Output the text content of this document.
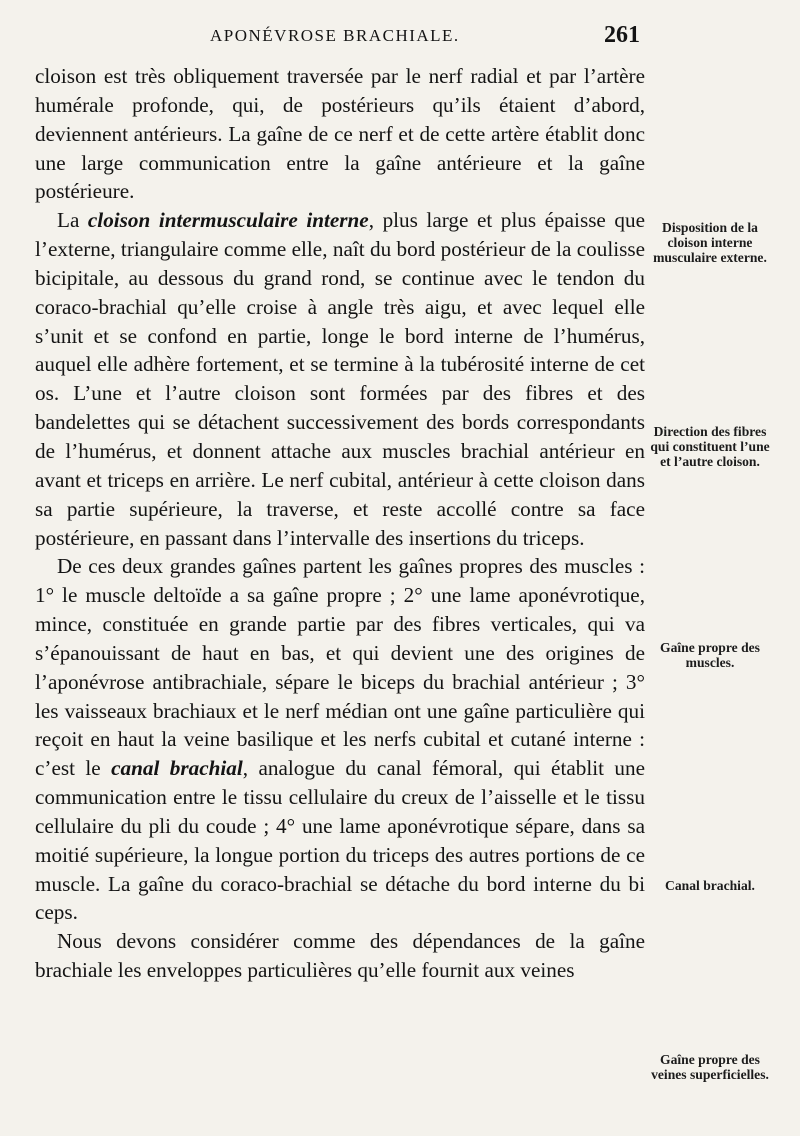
APONÉVROSE BRACHIALE.	261

cloison est très obliquement traversée par le nerf radial et par l’artère humérale profonde, qui, de postérieurs qu’ils étaient d’abord, deviennent antérieurs. La gaîne de ce nerf et de cette artère établit donc une large communication entre la gaîne antérieure et la gaîne postérieure.

La cloison intermusculaire interne, plus large et plus épaisse que l’externe, triangulaire comme elle, naît du bord postérieur de la coulisse bicipitale, au dessous du grand rond, se continue avec le tendon du coraco-brachial qu’elle croise à angle très aigu, et avec lequel elle s’unit et se confond en partie, longe le bord interne de l’humérus, auquel elle adhère fortement, et se termine à la tubérosité interne de cet os. L’une et l’autre cloison sont formées par des fibres et des bandelettes qui se détachent successivement des bords correspondants de l’humérus, et donnent attache aux muscles brachial antérieur en avant et triceps en arrière. Le nerf cubital, antérieur à cette cloison dans sa partie supérieure, la traverse, et reste accollé contre sa face postérieure, en passant dans l’intervalle des insertions du triceps.

De ces deux grandes gaînes partent les gaînes propres des muscles : 1° le muscle deltoïde a sa gaîne propre ; 2° une lame aponévrotique, mince, constituée en grande partie par des fibres verticales, qui va s’épanouissant de haut en bas, et qui devient une des origines de l’aponévrose antibrachiale, sépare le biceps du brachial antérieur ; 3° les vaisseaux brachiaux et le nerf médian ont une gaîne particulière qui reçoit en haut la veine basilique et les nerfs cubital et cutané interne : c’est le canal brachial, analogue du canal fémoral, qui établit une communication entre le tissu cellulaire du creux de l’aisselle et le tissu cellulaire du pli du coude ; 4° une lame aponévrotique sépare, dans sa moitié supérieure, la longue portion du triceps des autres portions de ce muscle. La gaîne du coraco-brachial se détache du bord interne du bi ceps.

Nous devons considérer comme des dépendances de la gaîne brachiale les enveloppes particulières qu’elle fournit aux veines

Disposition de la cloison interne musculaire externe.
Direction des fibres qui constituent l’une et l’autre cloison.
Gaîne propre des muscles.
Canal brachial.
Gaîne propre des veines superficielles.
